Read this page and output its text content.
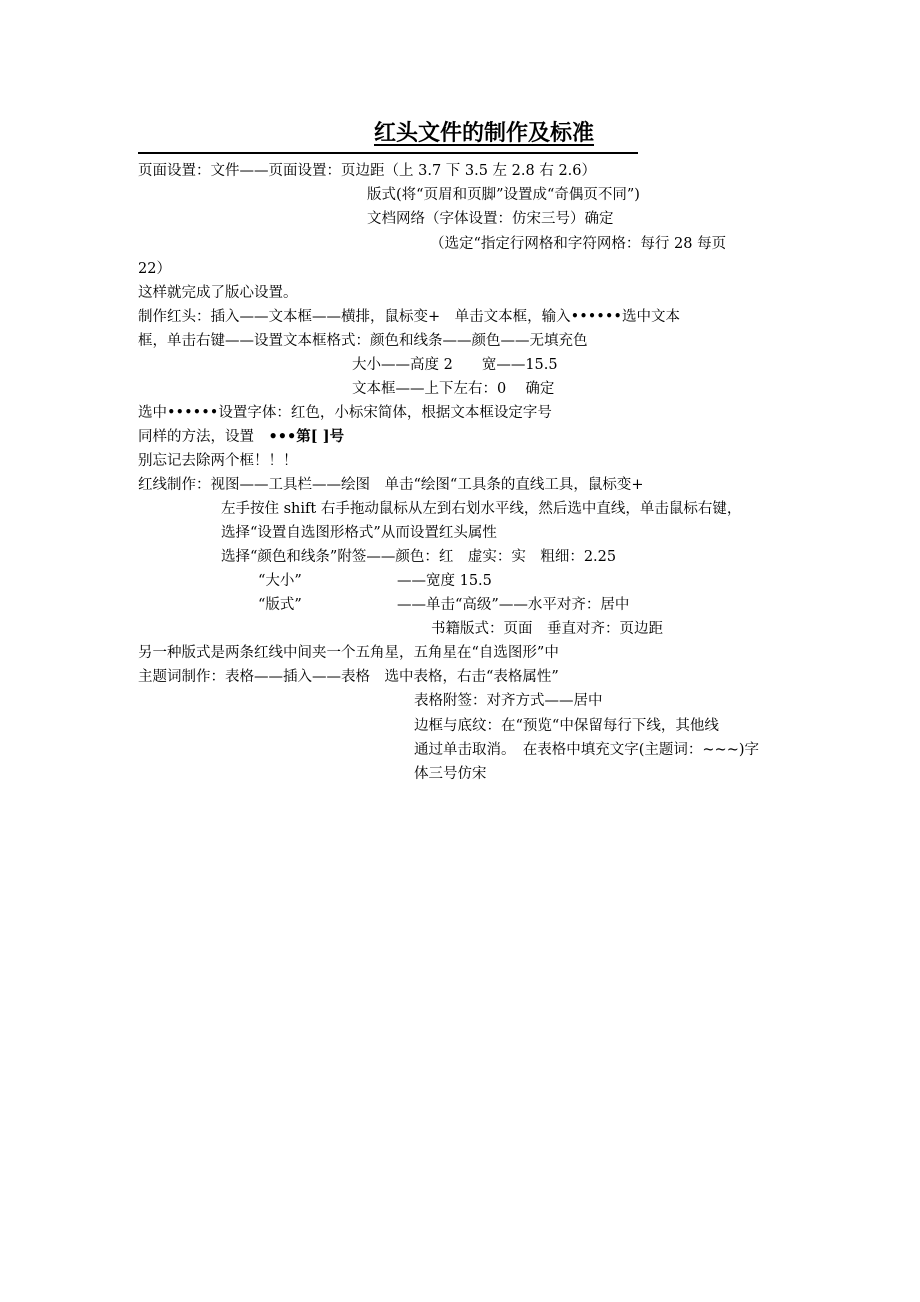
红头文件的制作及标准
页面设置：文件——页面设置：页边距（上 3.7 下 3.5 左 2.8 右 2.6）
版式(将“页眉和页脚”设置成“奇偶页不同”)
文档网络（字体设置：仿宋三号）确定
（选定“指定行网格和字符网格：每行 28 每页
22）
这样就完成了版心设置。
制作红头：插入——文本框——横排，鼠标变+　单击文本框，输入••••••选中文本
框，单击右键——设置文本框格式：颜色和线条——颜色——无填充色
大小——高度 2　　宽——15.5
文本框——上下左右：0　 确定
选中••••••设置字体：红色，小标宋简体，根据文本框设定字号
同样的方法，设置　•••第[ ]号
别忘记去除两个框！！！
红线制作：视图——工具栏——绘图　单击“绘图“工具条的直线工具，鼠标变+
左手按住 shift 右手拖动鼠标从左到右划水平线，然后选中直线，单击鼠标右键，
选择“设置自选图形格式”从而设置红头属性
选择“颜色和线条”附签——颜色：红　虚实：实　粗细：2.25
“大小”	——宽度 15.5
“版式”	——单击“高级”——水平对齐：居中
书籍版式：页面　垂直对齐：页边距
另一种版式是两条红线中间夹一个五角星，五角星在“自选图形”中
主题词制作：表格——插入——表格　选中表格，右击“表格属性”
表格附签：对齐方式——居中
边框与底纹：在“预览“中保留每行下线，其他线
通过单击取消。　在表格中填充文字(主题词：~~~)字
体三号仿宋
